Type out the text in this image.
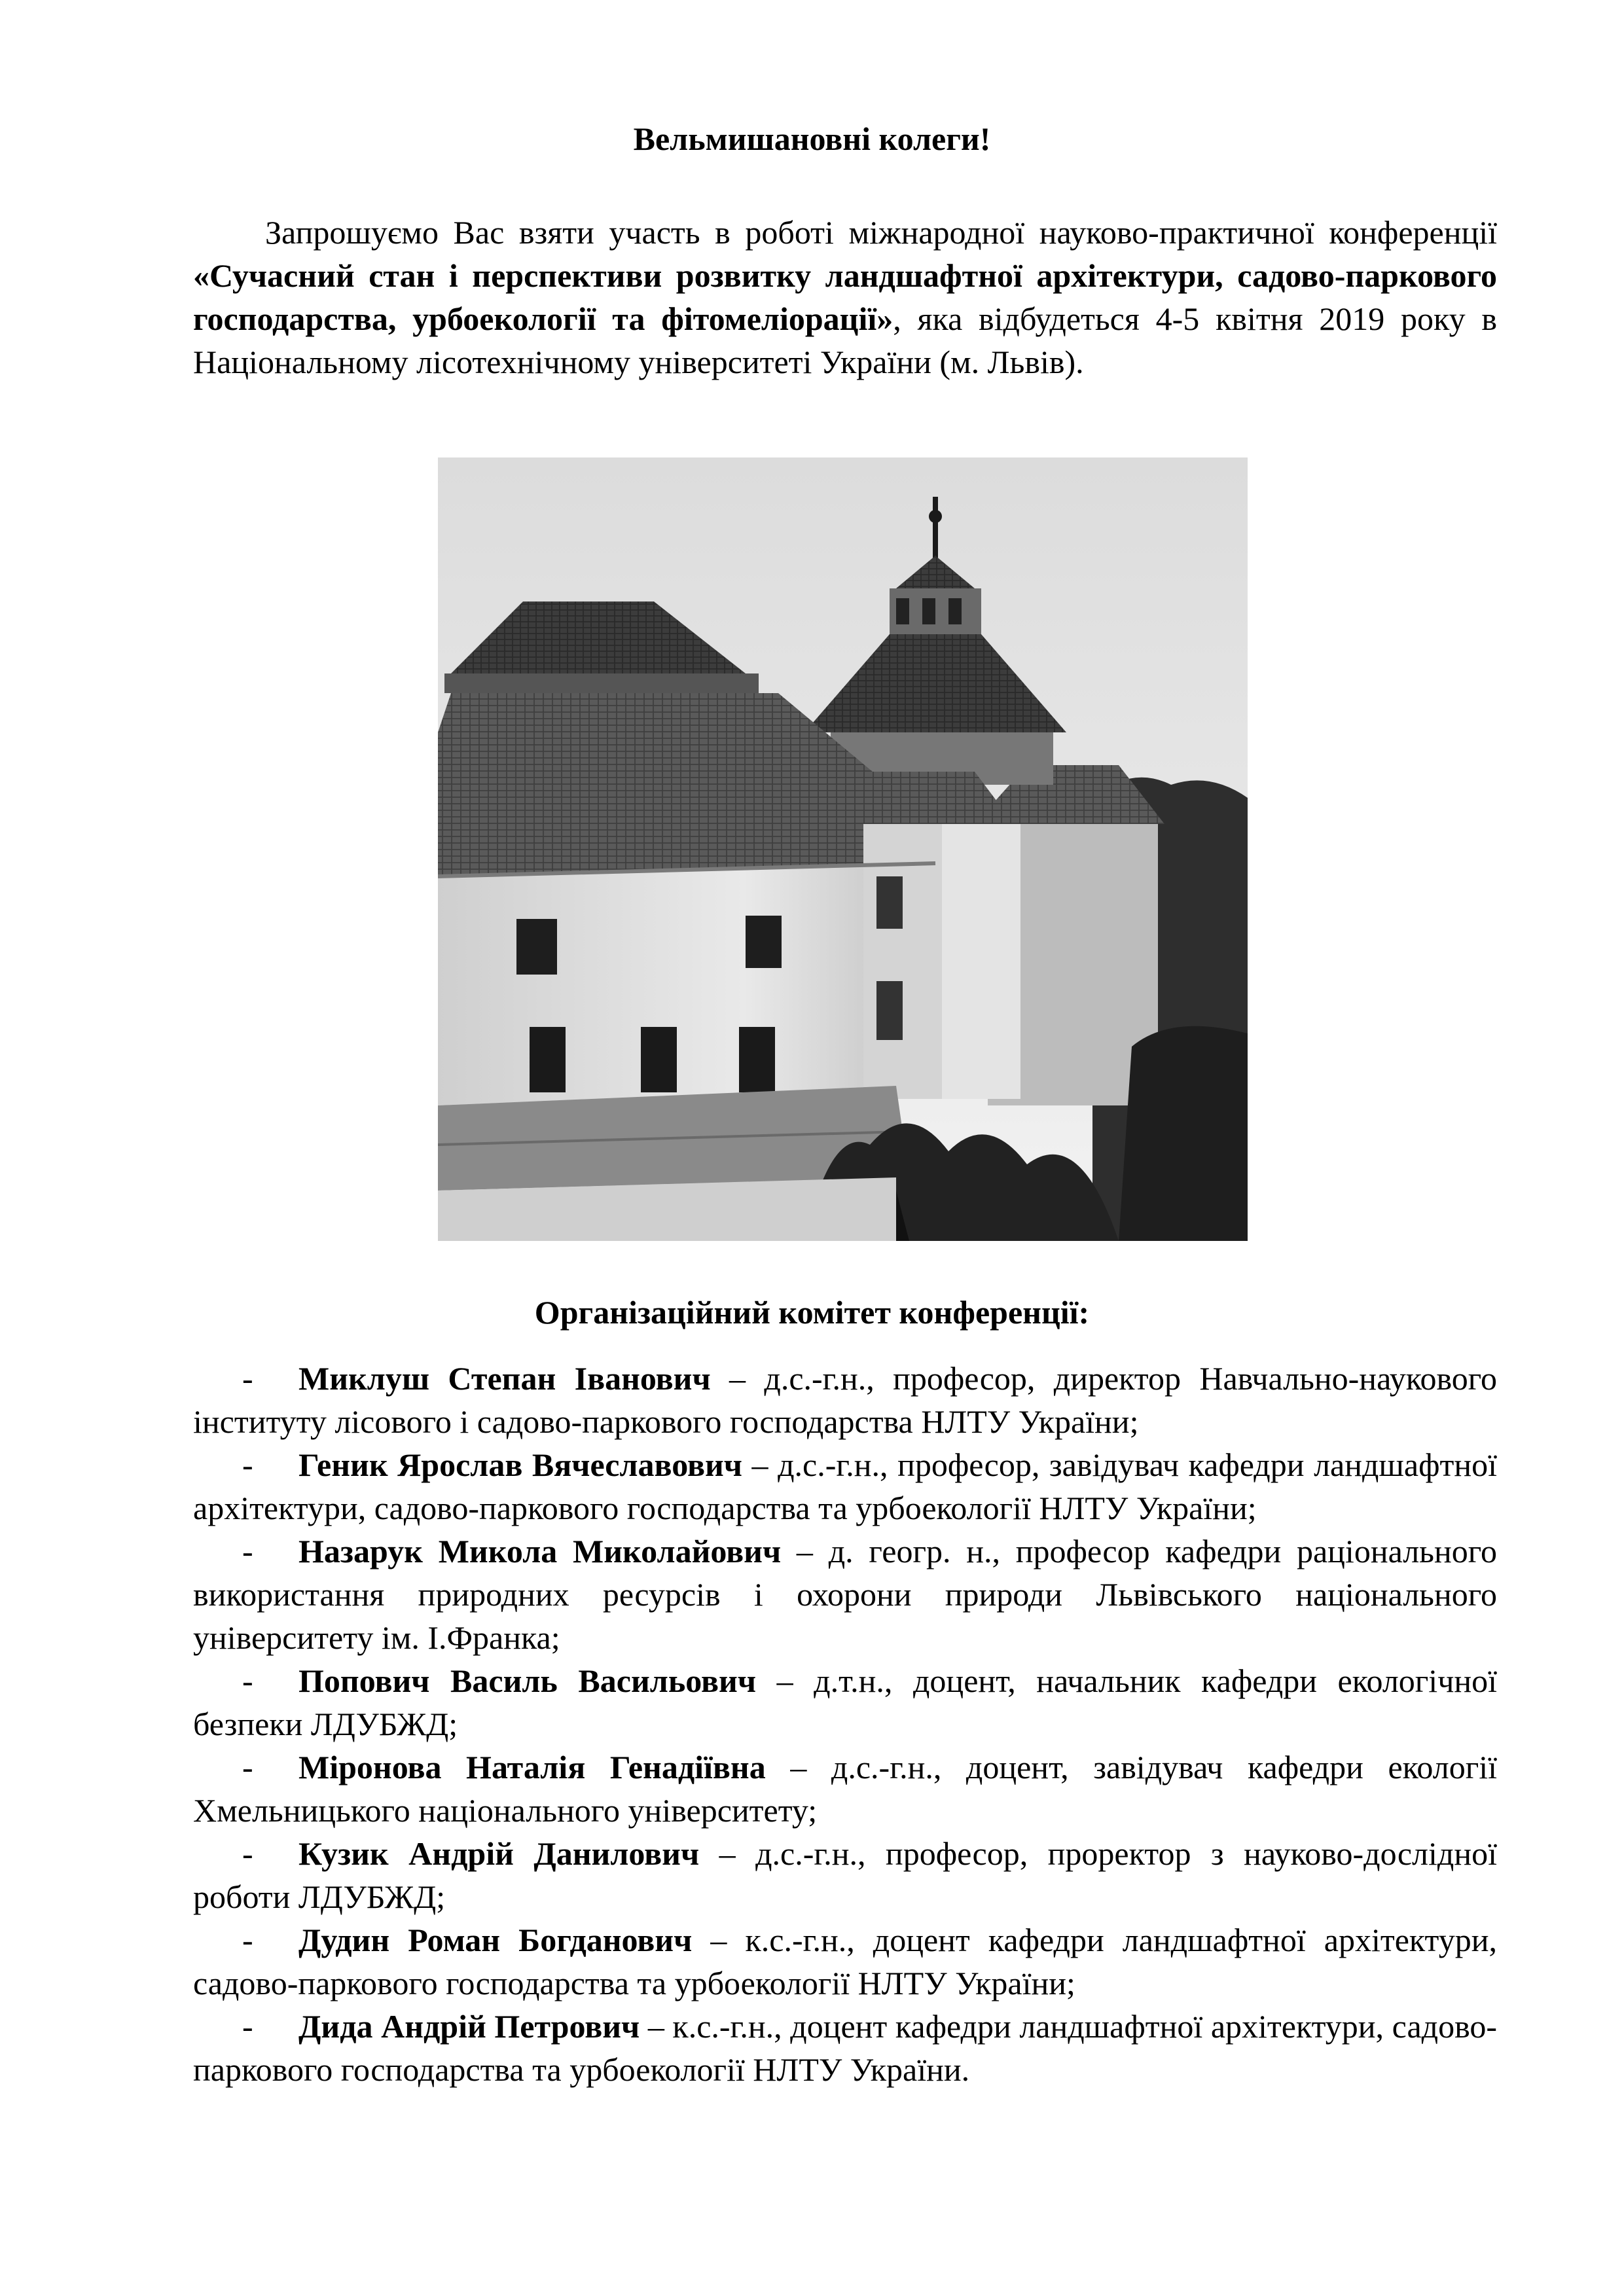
Вельмишановні колеги!

Запрошуємо Вас взяти участь в роботі міжнародної науково-практичної конференції «Сучасний стан і перспективи розвитку ландшафтної архітектури, садово-паркового господарства, урбоекології та фітомеліорації», яка відбудеться 4-5 квітня 2019 року в Національному лісотехнічному університеті України (м. Львів).

Організаційний комітет конференції:
- Миклуш Степан Іванович – д.с.-г.н., професор, директор Навчально-наукового інституту лісового і садово-паркового господарства НЛТУ України;
- Геник Ярослав Вячеславович – д.с.-г.н., професор, завідувач кафедри ландшафтної архітектури, садово-паркового господарства та урбоекології НЛТУ України;
- Назарук Микола Миколайович – д. геогр. н., професор кафедри раціонального використання природних ресурсів і охорони природи Львівського національного університету ім. І.Франка;
- Попович Василь Васильович – д.т.н., доцент, начальник кафедри екологічної безпеки ЛДУБЖД;
- Міронова Наталія Генадіївна – д.с.-г.н., доцент, завідувач кафедри екології Хмельницького національного університету;
- Кузик Андрій Данилович – д.с.-г.н., професор, проректор з науково-дослідної роботи ЛДУБЖД;
- Дудин Роман Богданович – к.с.-г.н., доцент кафедри ландшафтної архітектури, садово-паркового господарства та урбоекології НЛТУ України;
- Дида Андрій Петрович – к.с.-г.н., доцент кафедри ландшафтної архітектури, садово-паркового господарства та урбоекології НЛТУ України.
